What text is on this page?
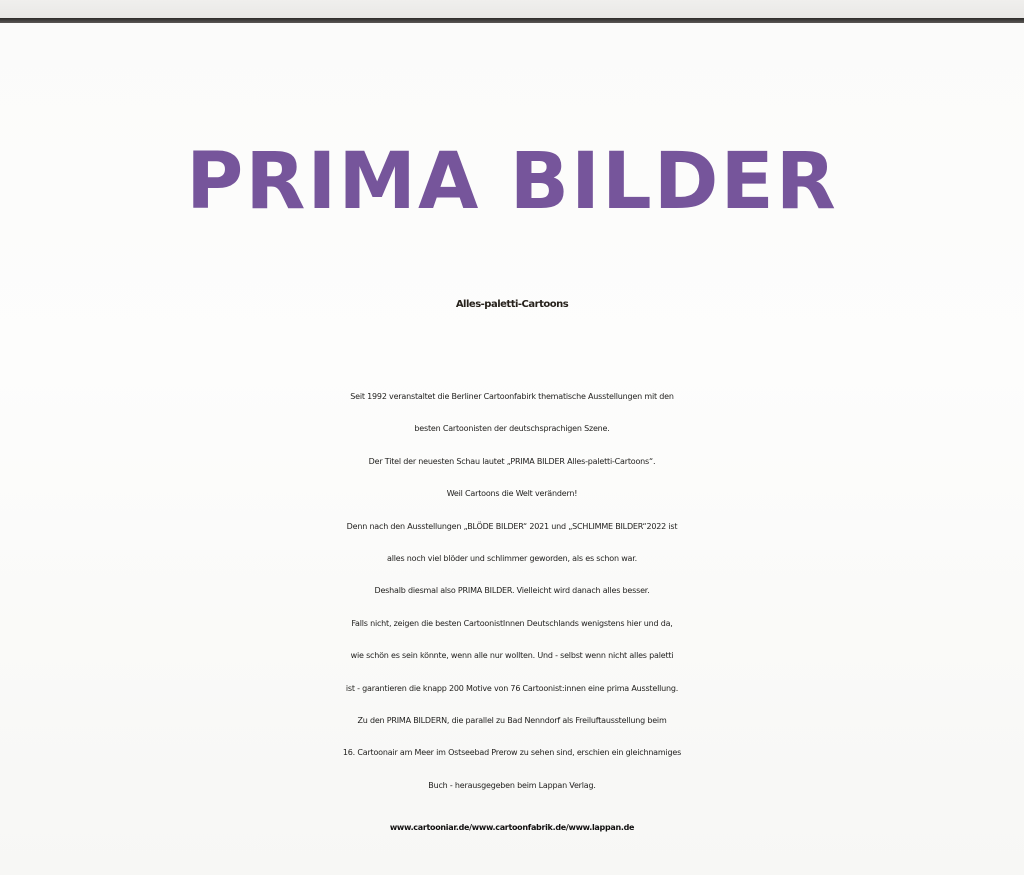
PRIMA BILDER
Alles-paletti-Cartoons
Seit 1992 veranstaltet die Berliner Cartoonfabirk thematische Ausstellungen mit den
besten Cartoonisten der deutschsprachigen Szene.
Der Titel der neuesten Schau lautet „PRIMA BILDER Alles-paletti-Cartoons“.
Weil Cartoons die Welt verändern!
Denn nach den Ausstellungen „BLÖDE BILDER“ 2021 und „SCHLIMME BILDER“2022 ist
alles noch viel blöder und schlimmer geworden, als es schon war.
Deshalb diesmal also PRIMA BILDER. Vielleicht wird danach alles besser.
Falls nicht, zeigen die besten CartoonistInnen Deutschlands wenigstens hier und da,
wie schön es sein könnte, wenn alle nur wollten. Und - selbst wenn nicht alles paletti
ist - garantieren die knapp 200 Motive von 76 Cartoonist:innen eine prima Ausstellung.
Zu den PRIMA BILDERN, die parallel zu Bad Nenndorf als Freiluftausstellung beim
16. Cartoonair am Meer im Ostseebad Prerow zu sehen sind, erschien ein gleichnamiges
Buch - herausgegeben beim Lappan Verlag.

www.cartooniar.de/www.cartoonfabrik.de/www.lappan.de
